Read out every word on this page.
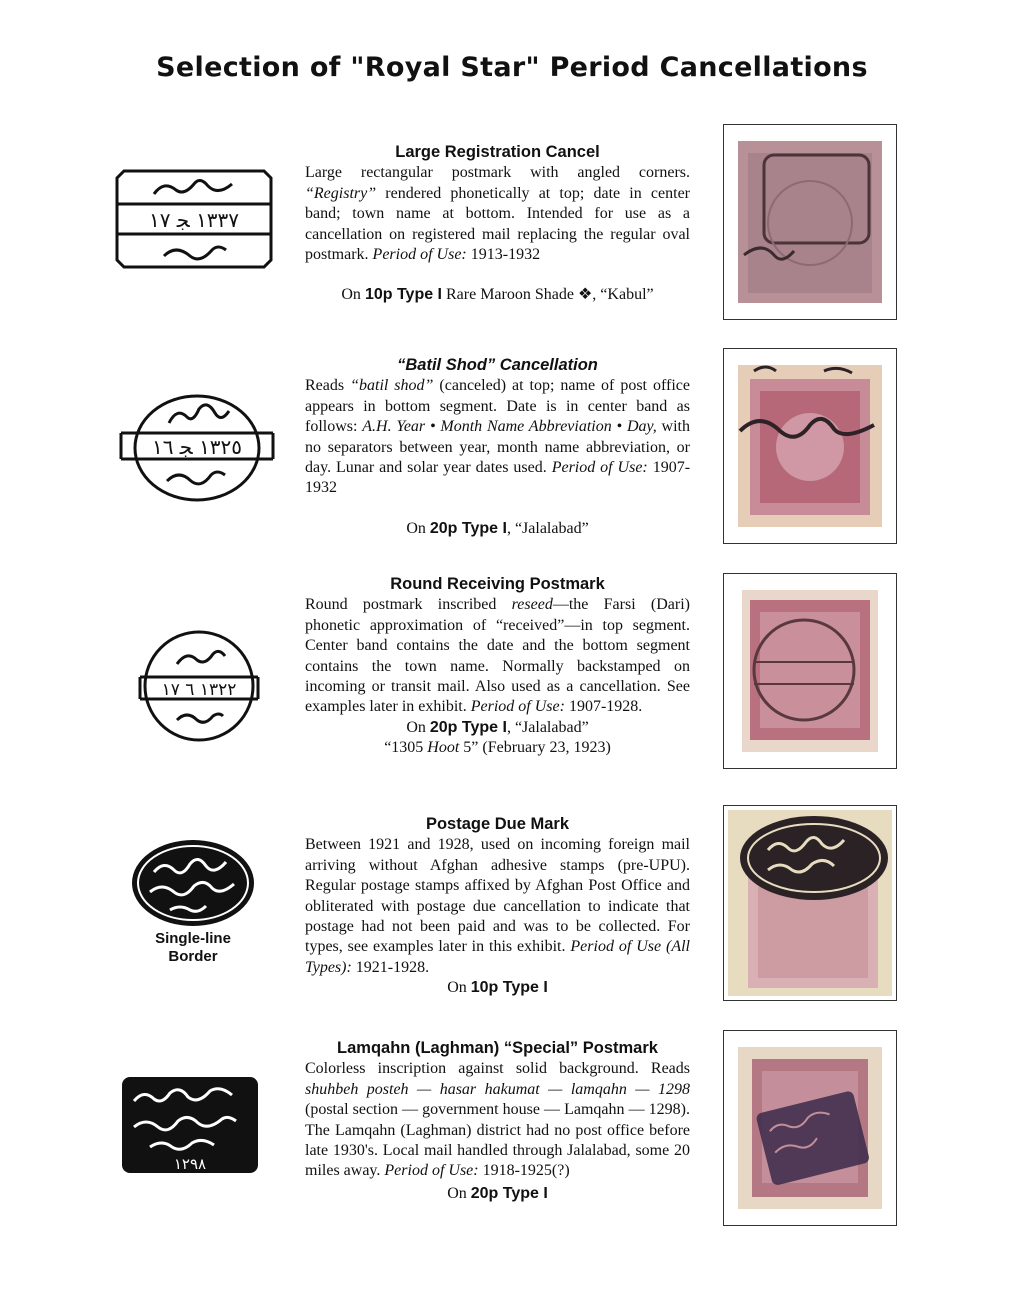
Selection of "Royal Star" Period Cancellations
١٣٣٧ ﺠ ١٧
Large Registration Cancel
Large rectangular postmark with angled corners. “Registry” rendered phonetically at top; date in center band; town name at bottom. Intended for use as a cancellation on registered mail replacing the regular oval postmark. Period of Use: 1913-1932
On 10p Type I Rare Maroon Shade ❖, “Kabul”
١٣٢٥ ﺠ ١٦
“Batil Shod” Cancellation
Reads “batil shod” (canceled) at top; name of post office appears in bottom segment. Date is in center band as follows: A.H. Year • Month Name Abbreviation • Day, with no separators between year, month name abbreviation, or day. Lunar and solar year dates used. Period of Use: 1907-1932
On 20p Type I, “Jalalabad”
١٣٢٢ ٦ ١٧
Round Receiving Postmark
Round postmark inscribed reseed—the Farsi (Dari) phonetic approximation of “received”—in top segment. Center band contains the date and the bottom segment contains the town name. Normally backstamped on incoming or transit mail. Also used as a cancellation. See examples later in exhibit. Period of Use: 1907-1928.
On 20p Type I, “Jalalabad”
“1305 Hoot 5” (February 23, 1923)
Single-line
Border
Postage Due Mark
Between 1921 and 1928, used on incoming foreign mail arriving without Afghan adhesive stamps (pre-UPU). Regular postage stamps affixed by Afghan Post Office and obliterated with postage due cancellation to indicate that postage had not been paid and was to be collected. For types, see examples later in this exhibit. Period of Use (All Types): 1921-1928.
On 10p Type I
١٢٩٨
Lamqahn (Laghman) “Special” Postmark
Colorless inscription against solid background. Reads shuhbeh posteh — hasar hakumat — lamqahn — 1298 (postal section — government house — Lamqahn — 1298). The Lamqahn (Laghman) district had no post office before late 1930's. Local mail handled through Jalalabad, some 20 miles away. Period of Use: 1918-1925(?)
On 20p Type I
